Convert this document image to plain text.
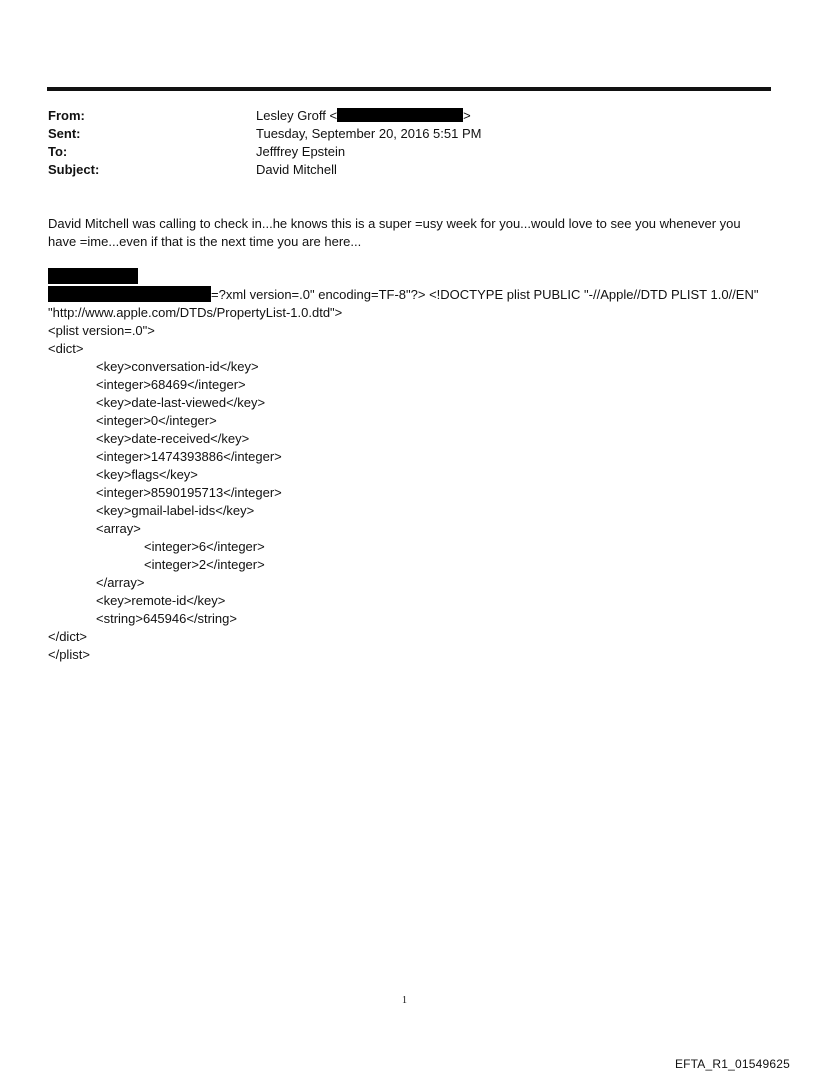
From:	Lesley Groff <	>
Sent:	Tuesday, September 20, 2016 5:51 PM
To:	Jefffrey Epstein
Subject:	David Mitchell
David Mitchell was calling to check in...he knows this is a super =usy week for you...would love to see you whenever you have =ime...even if that is the next time you are here...
=?xml version=.0" encoding=TF-8"?> <!DOCTYPE plist PUBLIC "-//Apple//DTD PLIST 1.0//EN"
"http://www.apple.com/DTDs/PropertyList-1.0.dtd">
<plist version=.0">
<dict>
<key>conversation-id</key>
<integer>68469</integer>
<key>date-last-viewed</key>
<integer>0</integer>
<key>date-received</key>
<integer>1474393886</integer>
<key>flags</key>
<integer>8590195713</integer>
<key>gmail-label-ids</key>
<array>
<integer>6</integer>
<integer>2</integer>
</array>
<key>remote-id</key>
<string>645946</string>
</dict>
</plist>
1
EFTA_R1_01549625
